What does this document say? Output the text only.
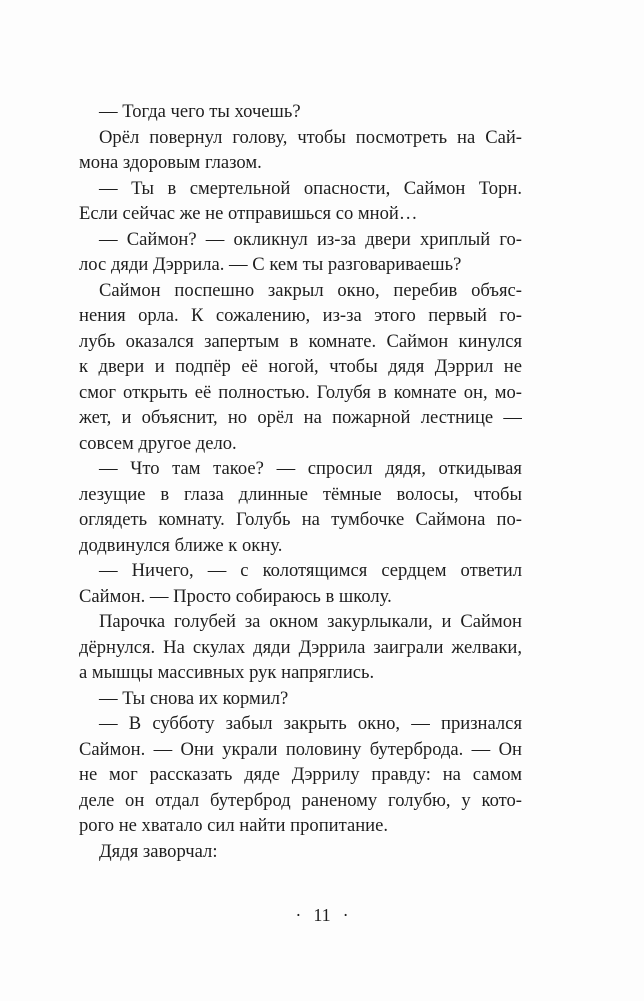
— Тогда чего ты хочешь?
Орёл повернул голову, чтобы посмотреть на Сай-
мона здоровым глазом.
— Ты в смертельной опасности, Саймон Торн.
Если сейчас же не отправишься со мной…
— Саймон? — окликнул из-за двери хриплый го-
лос дяди Дэррила. — С кем ты разговариваешь?
Саймон поспешно закрыл окно, перебив объяс-
нения орла. К сожалению, из-за этого первый го-
лубь оказался запертым в комнате. Саймон кинулся
к двери и подпёр её ногой, чтобы дядя Дэррил не
смог открыть её полностью. Голубя в комнате он, мо-
жет, и объяснит, но орёл на пожарной лестнице —
совсем другое дело.
— Что там такое? — спросил дядя, откидывая
лезущие в глаза длинные тёмные волосы, чтобы
оглядеть комнату. Голубь на тумбочке Саймона по-
додвинулся ближе к окну.
— Ничего, — с колотящимся сердцем ответил
Саймон. — Просто собираюсь в школу.
Парочка голубей за окном закурлыкали, и Саймон
дёрнулся. На скулах дяди Дэррила заиграли желваки,
а мышцы массивных рук напряглись.
— Ты снова их кормил?
— В субботу забыл закрыть окно, — признался
Саймон. — Они украли половину бутерброда. — Он
не мог рассказать дяде Дэррилу правду: на самом
деле он отдал бутерброд раненому голубю, у кото-
рого не хватало сил найти пропитание.
Дядя заворчал:
· 11 ·
